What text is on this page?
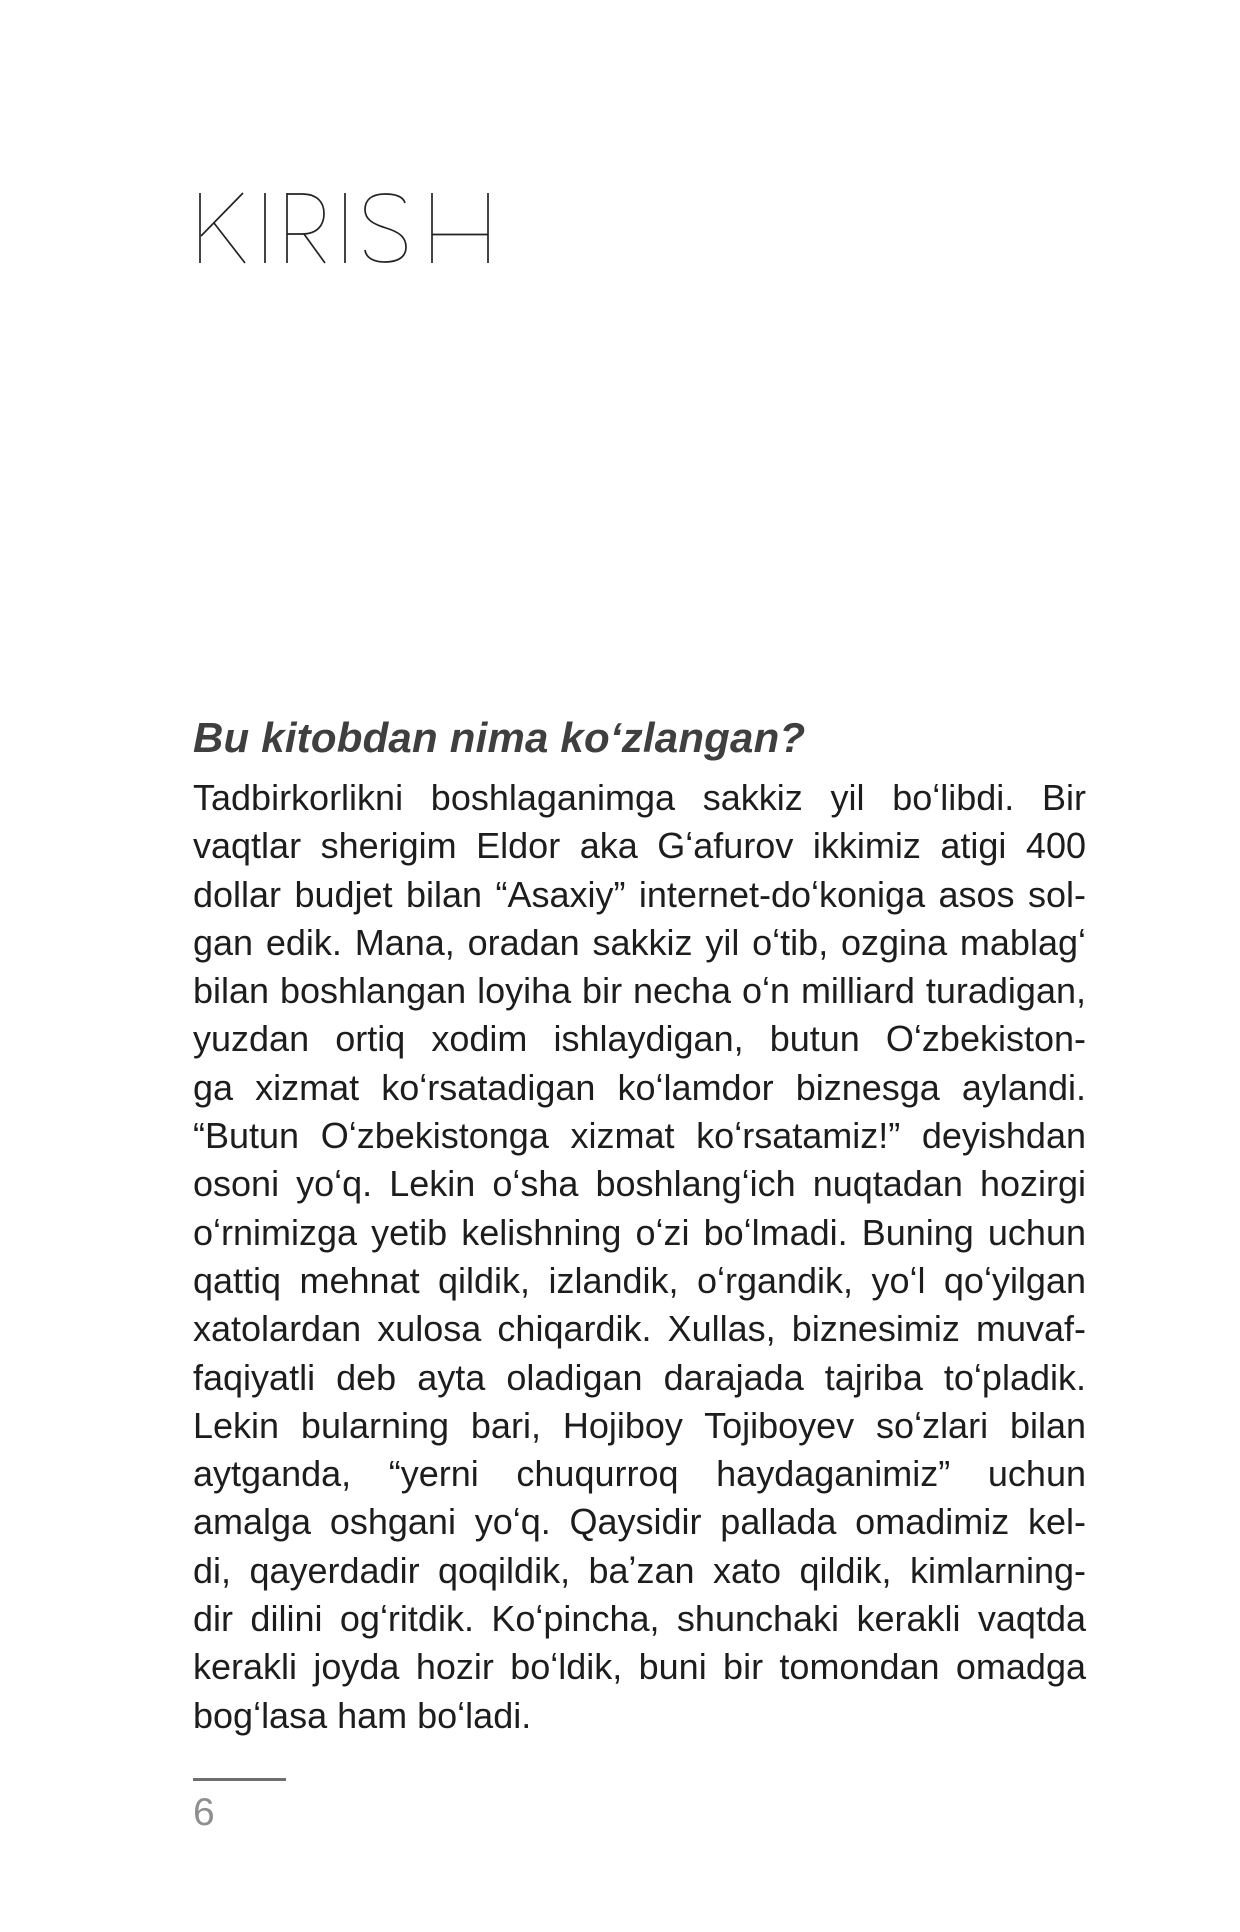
Bu kitobdan nima koʻzlangan?
Tadbirkorlikni boshlaganimga sakkiz yil boʻlibdi. Bir
vaqtlar sherigim Eldor aka Gʻafurov ikkimiz atigi 400
dollar budjet bilan “Asaxiy” internet-doʻkoniga asos sol-
gan edik. Mana, oradan sakkiz yil oʻtib, ozgina mablagʻ
bilan boshlangan loyiha bir necha oʻn milliard turadigan,
yuzdan ortiq xodim ishlaydigan, butun Oʻzbekiston-
ga xizmat koʻrsatadigan koʻlamdor biznesga aylandi.
“Butun Oʻzbekistonga xizmat koʻrsatamiz!” deyishdan
osoni yoʻq. Lekin oʻsha boshlangʻich nuqtadan hozirgi
oʻrnimizga yetib kelishning oʻzi boʻlmadi. Buning uchun
qattiq mehnat qildik, izlandik, oʻrgandik, yoʻl qoʻyilgan
xatolardan xulosa chiqardik. Xullas, biznesimiz muvaf-
faqiyatli deb ayta oladigan darajada tajriba toʻpladik.
Lekin bularning bari, Hojiboy Tojiboyev soʻzlari bilan
aytganda, “yerni chuqurroq haydaganimiz” uchun
amalga oshgani yoʻq. Qaysidir pallada omadimiz kel-
di, qayerdadir qoqildik, baʼzan xato qildik, kimlarning-
dir dilini ogʻritdik. Koʻpincha, shunchaki kerakli vaqtda
kerakli joyda hozir boʻldik, buni bir tomondan omadga
bogʻlasa ham boʻladi.
6
